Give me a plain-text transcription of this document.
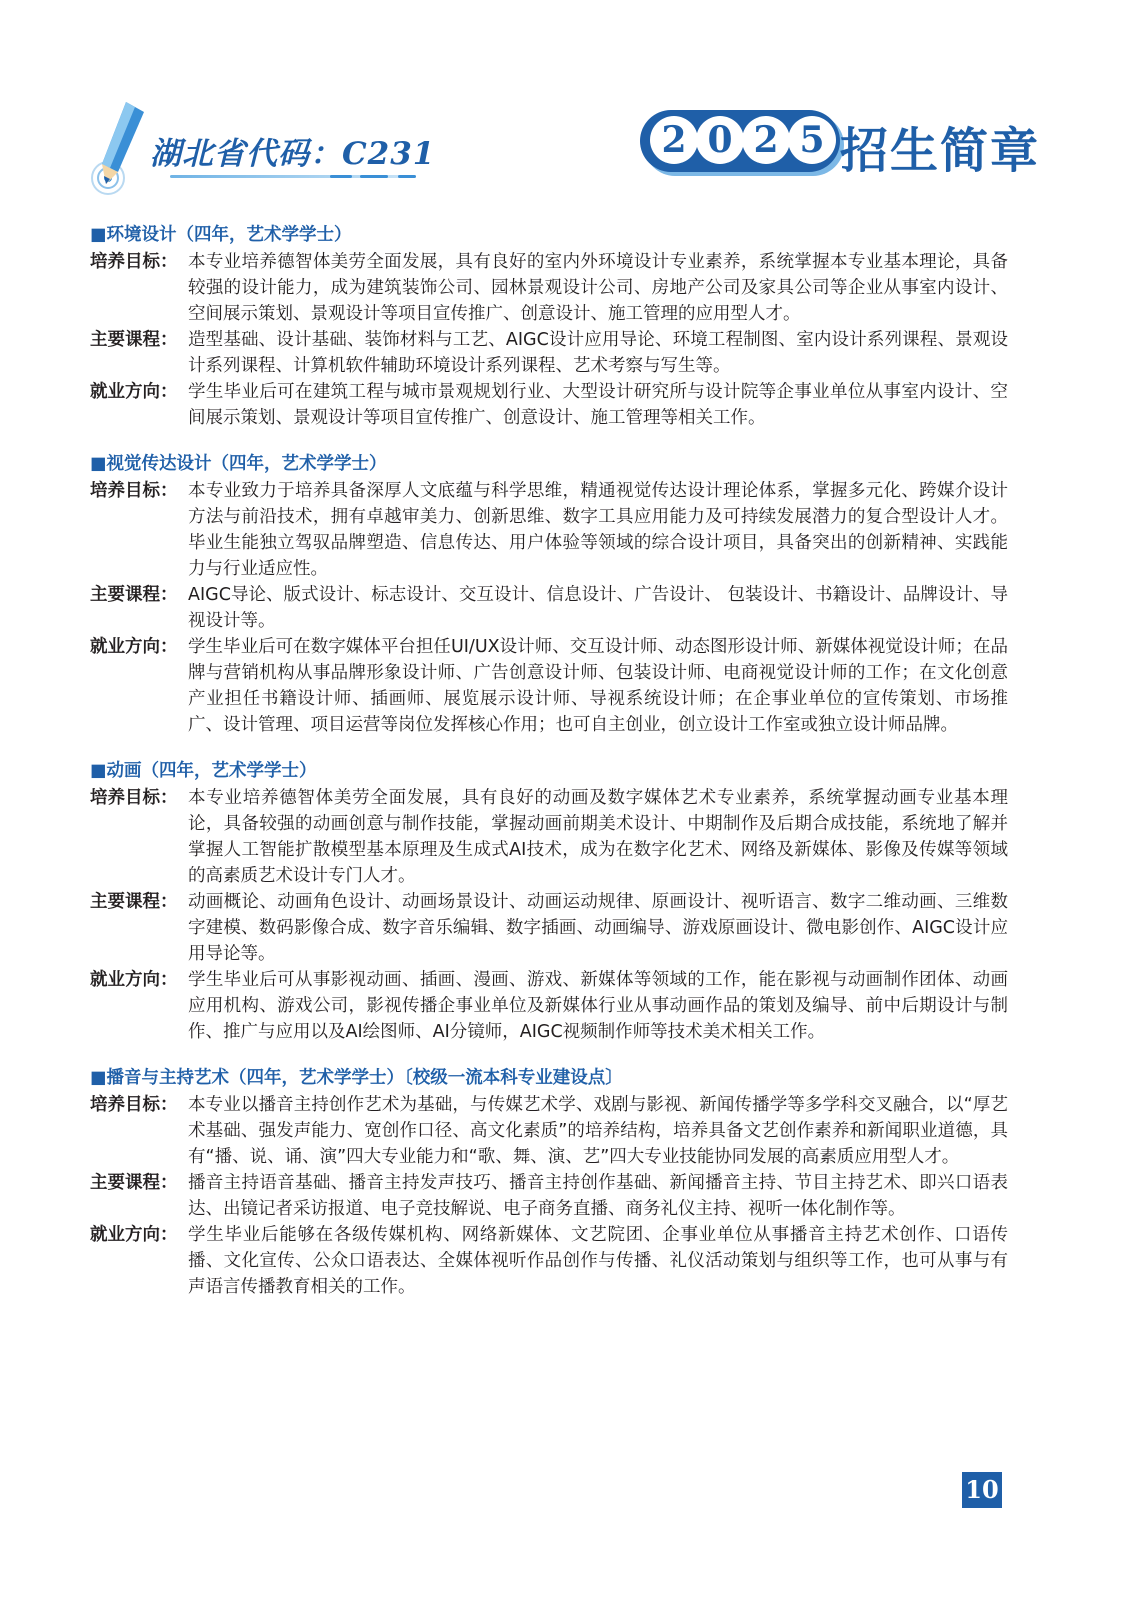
湖北省代码：C231	2 0 2 5 招生简章
■环境设计（四年，艺术学学士）
培养目标： 本专业培养德智体美劳全面发展，具有良好的室内外环境设计专业素养，系统掌握本专业基本理论，具备较强的设计能力，成为建筑装饰公司、园林景观设计公司、房地产公司及家具公司等企业从事室内设计、空间展示策划、景观设计等项目宣传推广、创意设计、施工管理的应用型人才。
主要课程： 造型基础、设计基础、装饰材料与工艺、AIGC设计应用导论、环境工程制图、室内设计系列课程、景观设计系列课程、计算机软件辅助环境设计系列课程、艺术考察与写生等。
就业方向： 学生毕业后可在建筑工程与城市景观规划行业、大型设计研究所与设计院等企事业单位从事室内设计、空间展示策划、景观设计等项目宣传推广、创意设计、施工管理等相关工作。
■视觉传达设计（四年，艺术学学士）
培养目标： 本专业致力于培养具备深厚人文底蕴与科学思维，精通视觉传达设计理论体系，掌握多元化、跨媒介设计方法与前沿技术，拥有卓越审美力、创新思维、数字工具应用能力及可持续发展潜力的复合型设计人才。毕业生能独立驾驭品牌塑造、信息传达、用户体验等领域的综合设计项目，具备突出的创新精神、实践能力与行业适应性。
主要课程： AIGC导论、版式设计、标志设计、交互设计、信息设计、广告设计、 包装设计、书籍设计、品牌设计、导视设计等。
就业方向： 学生毕业后可在数字媒体平台担任UI/UX设计师、交互设计师、动态图形设计师、新媒体视觉设计师；在品牌与营销机构从事品牌形象设计师、广告创意设计师、包装设计师、电商视觉设计师的工作；在文化创意产业担任书籍设计师、插画师、展览展示设计师、导视系统设计师；在企事业单位的宣传策划、市场推广、设计管理、项目运营等岗位发挥核心作用；也可自主创业，创立设计工作室或独立设计师品牌。
■动画（四年，艺术学学士）
培养目标： 本专业培养德智体美劳全面发展，具有良好的动画及数字媒体艺术专业素养，系统掌握动画专业基本理论，具备较强的动画创意与制作技能，掌握动画前期美术设计、中期制作及后期合成技能，系统地了解并掌握人工智能扩散模型基本原理及生成式AI技术，成为在数字化艺术、网络及新媒体、影像及传媒等领域的高素质艺术设计专门人才。
主要课程： 动画概论、动画角色设计、动画场景设计、动画运动规律、原画设计、视听语言、数字二维动画、三维数字建模、数码影像合成、数字音乐编辑、数字插画、动画编导、游戏原画设计、微电影创作、AIGC设计应用导论等。
就业方向： 学生毕业后可从事影视动画、插画、漫画、游戏、新媒体等领域的工作，能在影视与动画制作团体、动画应用机构、游戏公司，影视传播企事业单位及新媒体行业从事动画作品的策划及编导、前中后期设计与制作、推广与应用以及AI绘图师、AI分镜师，AIGC视频制作师等技术美术相关工作。
■播音与主持艺术（四年，艺术学学士）〔校级一流本科专业建设点〕
培养目标： 本专业以播音主持创作艺术为基础，与传媒艺术学、戏剧与影视、新闻传播学等多学科交叉融合，以“厚艺术基础、强发声能力、宽创作口径、高文化素质”的培养结构，培养具备文艺创作素养和新闻职业道德，具有“播、说、诵、演”四大专业能力和“歌、舞、演、艺”四大专业技能协同发展的高素质应用型人才。
主要课程： 播音主持语音基础、播音主持发声技巧、播音主持创作基础、新闻播音主持、节目主持艺术、即兴口语表达、出镜记者采访报道、电子竞技解说、电子商务直播、商务礼仪主持、视听一体化制作等。
就业方向： 学生毕业后能够在各级传媒机构、网络新媒体、文艺院团、企事业单位从事播音主持艺术创作、口语传播、文化宣传、公众口语表达、全媒体视听作品创作与传播、礼仪活动策划与组织等工作，也可从事与有声语言传播教育相关的工作。
10
